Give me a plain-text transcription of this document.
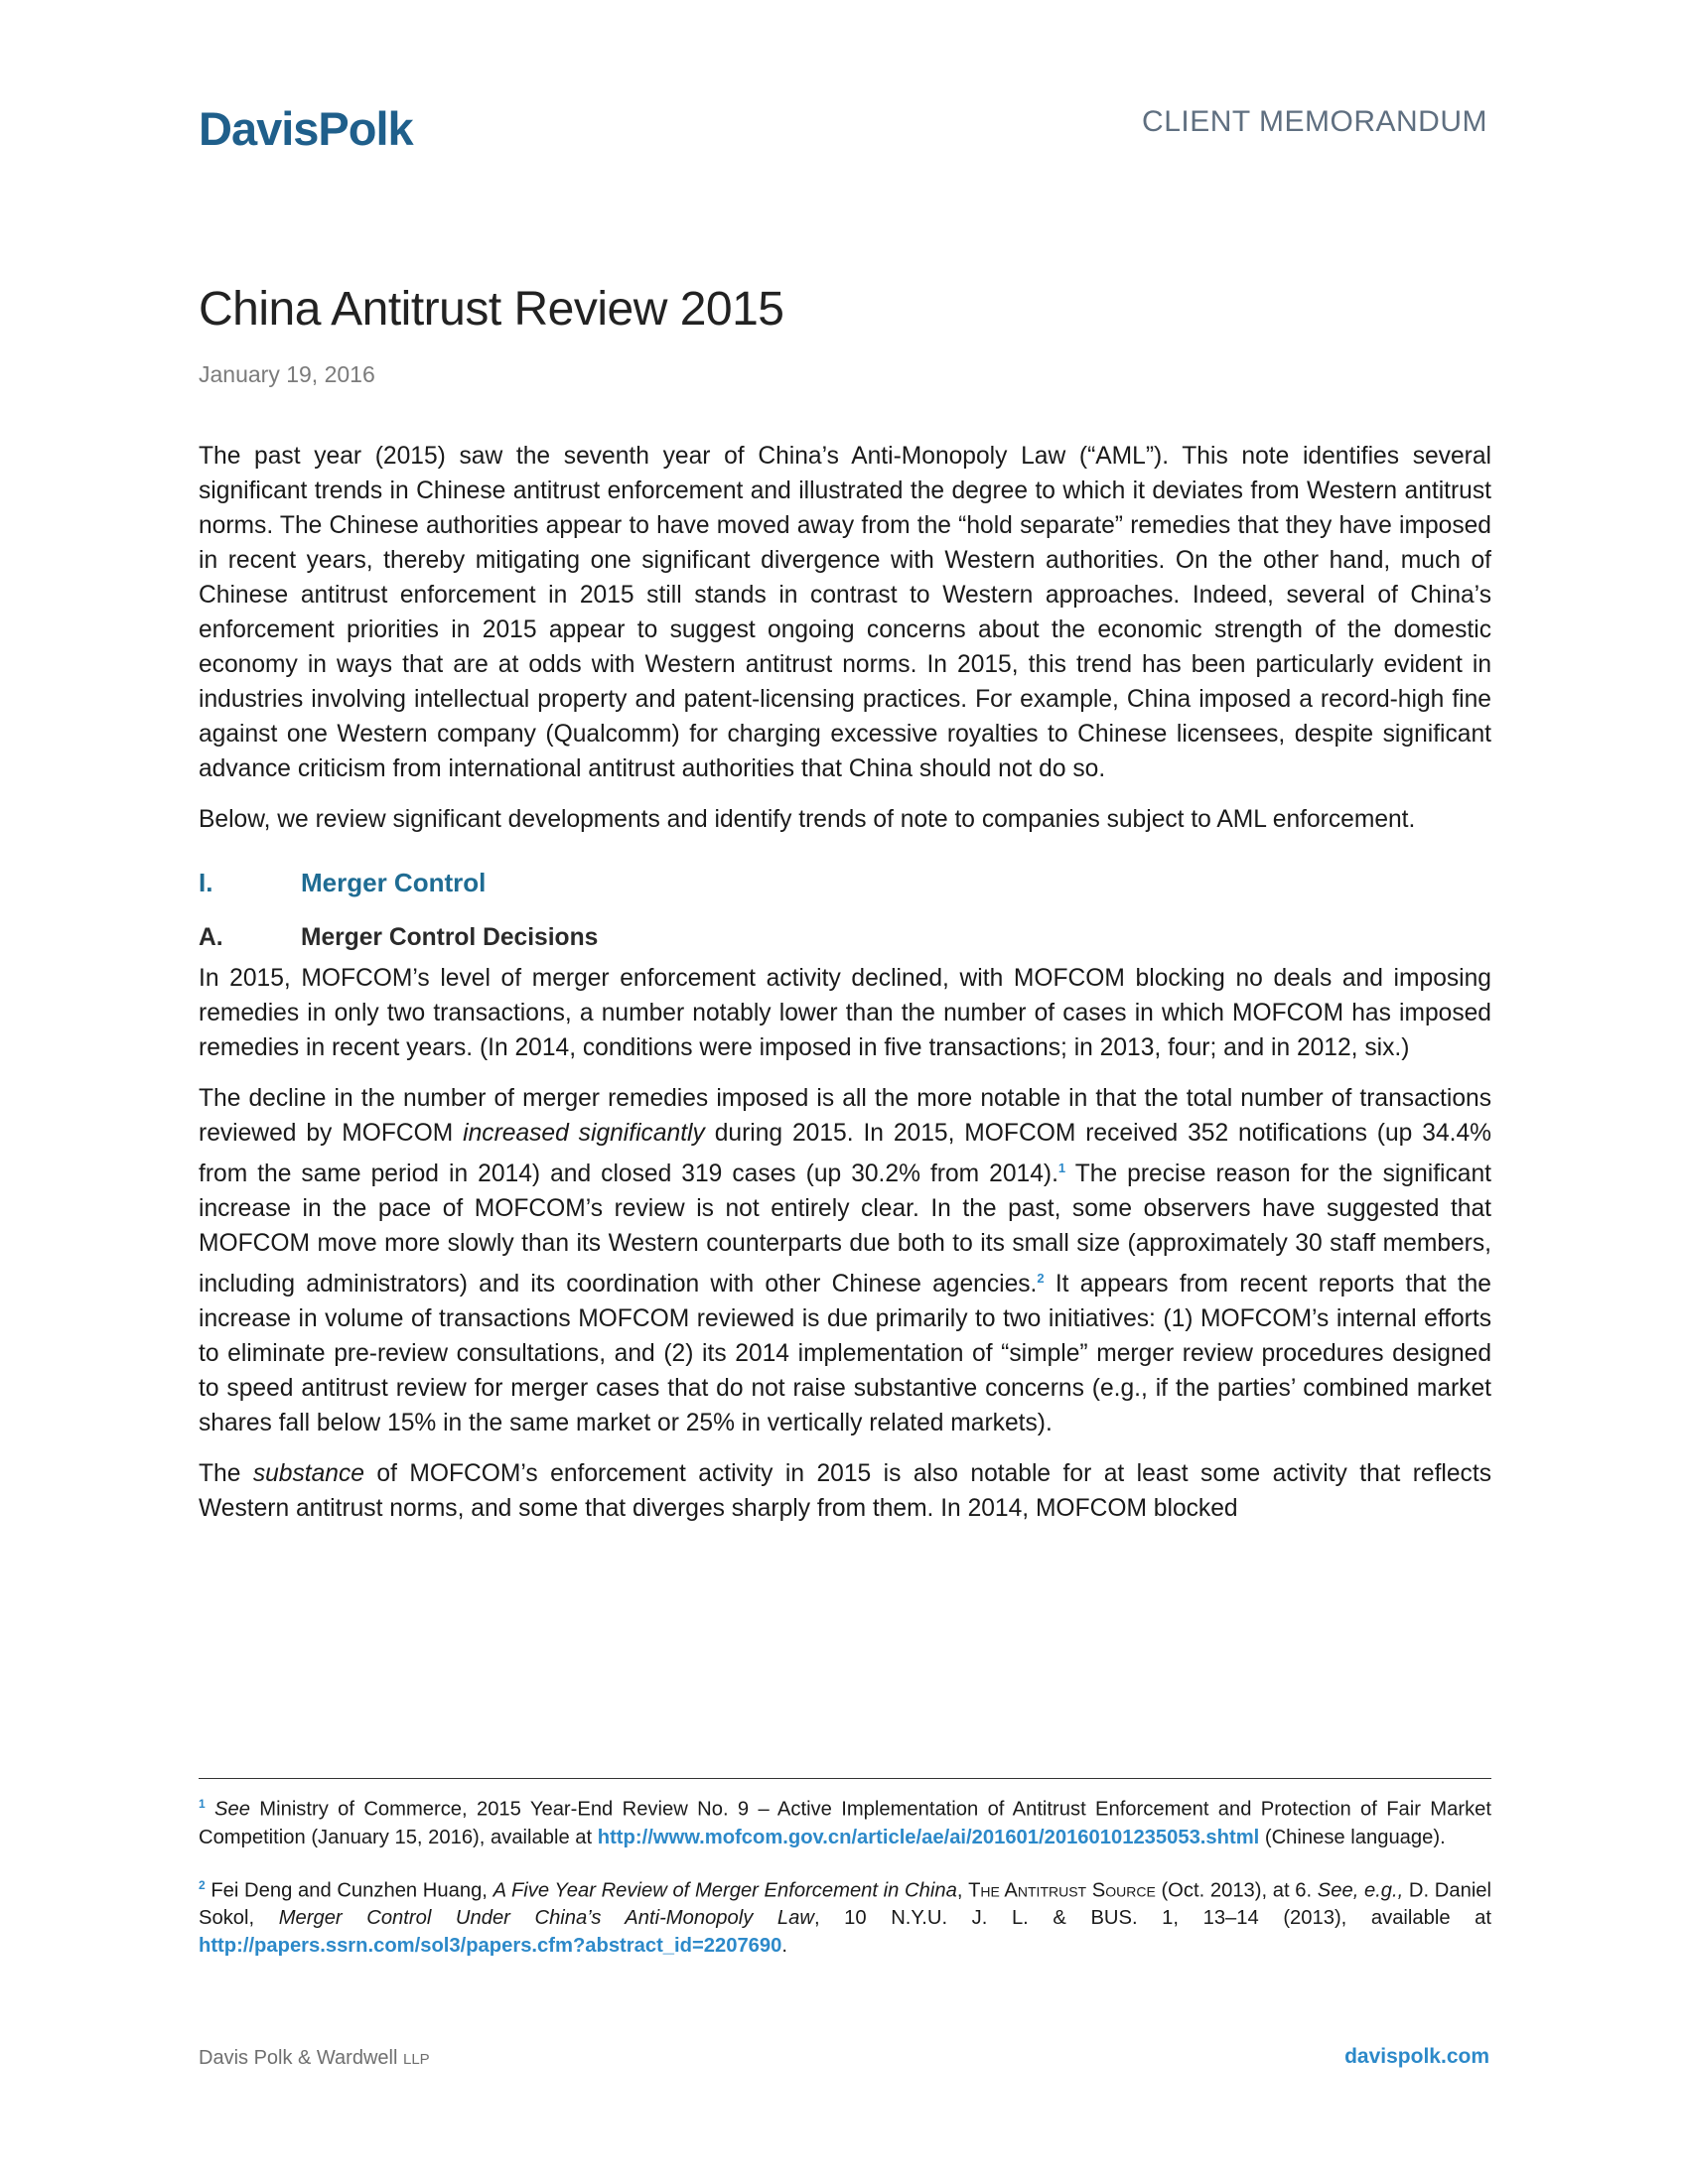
DavisPolk	CLIENT MEMORANDUM
China Antitrust Review 2015
January 19, 2016

The past year (2015) saw the seventh year of China’s Anti-Monopoly Law (“AML”). This note identifies several significant trends in Chinese antitrust enforcement and illustrated the degree to which it deviates from Western antitrust norms. The Chinese authorities appear to have moved away from the “hold separate” remedies that they have imposed in recent years, thereby mitigating one significant divergence with Western authorities. On the other hand, much of Chinese antitrust enforcement in 2015 still stands in contrast to Western approaches. Indeed, several of China’s enforcement priorities in 2015 appear to suggest ongoing concerns about the economic strength of the domestic economy in ways that are at odds with Western antitrust norms. In 2015, this trend has been particularly evident in industries involving intellectual property and patent-licensing practices. For example, China imposed a record-high fine against one Western company (Qualcomm) for charging excessive royalties to Chinese licensees, despite significant advance criticism from international antitrust authorities that China should not do so.

Below, we review significant developments and identify trends of note to companies subject to AML enforcement.

I.	Merger Control
A.	Merger Control Decisions

In 2015, MOFCOM’s level of merger enforcement activity declined, with MOFCOM blocking no deals and imposing remedies in only two transactions, a number notably lower than the number of cases in which MOFCOM has imposed remedies in recent years. (In 2014, conditions were imposed in five transactions; in 2013, four; and in 2012, six.)

The decline in the number of merger remedies imposed is all the more notable in that the total number of transactions reviewed by MOFCOM increased significantly during 2015. In 2015, MOFCOM received 352 notifications (up 34.4% from the same period in 2014) and closed 319 cases (up 30.2% from 2014).$^1$ The precise reason for the significant increase in the pace of MOFCOM’s review is not entirely clear. In the past, some observers have suggested that MOFCOM move more slowly than its Western counterparts due both to its small size (approximately 30 staff members, including administrators) and its coordination with other Chinese agencies.$^2$ It appears from recent reports that the increase in volume of transactions MOFCOM reviewed is due primarily to two initiatives: (1) MOFCOM’s internal efforts to eliminate pre-review consultations, and (2) its 2014 implementation of “simple” merger review procedures designed to speed antitrust review for merger cases that do not raise substantive concerns (e.g., if the parties’ combined market shares fall below 15% in the same market or 25% in vertically related markets).

The substance of MOFCOM’s enforcement activity in 2015 is also notable for at least some activity that reflects Western antitrust norms, and some that diverges sharply from them. In 2014, MOFCOM blocked

$^1$ See Ministry of Commerce, 2015 Year-End Review No. 9 – Active Implementation of Antitrust Enforcement and Protection of Fair Market Competition (January 15, 2016), available at http://www.mofcom.gov.cn/article/ae/ai/201601/20160101235053.shtml (Chinese language).

$^2$ Fei Deng and Cunzhen Huang, A Five Year Review of Merger Enforcement in China, The Antitrust Source (Oct. 2013), at 6. See, e.g., D. Daniel Sokol, Merger Control Under China’s Anti-Monopoly Law, 10 N.Y.U. J. L. & BUS. 1, 13–14 (2013), available at http://papers.ssrn.com/sol3/papers.cfm?abstract_id=2207690.

Davis Polk & Wardwell LLP	davispolk.com
